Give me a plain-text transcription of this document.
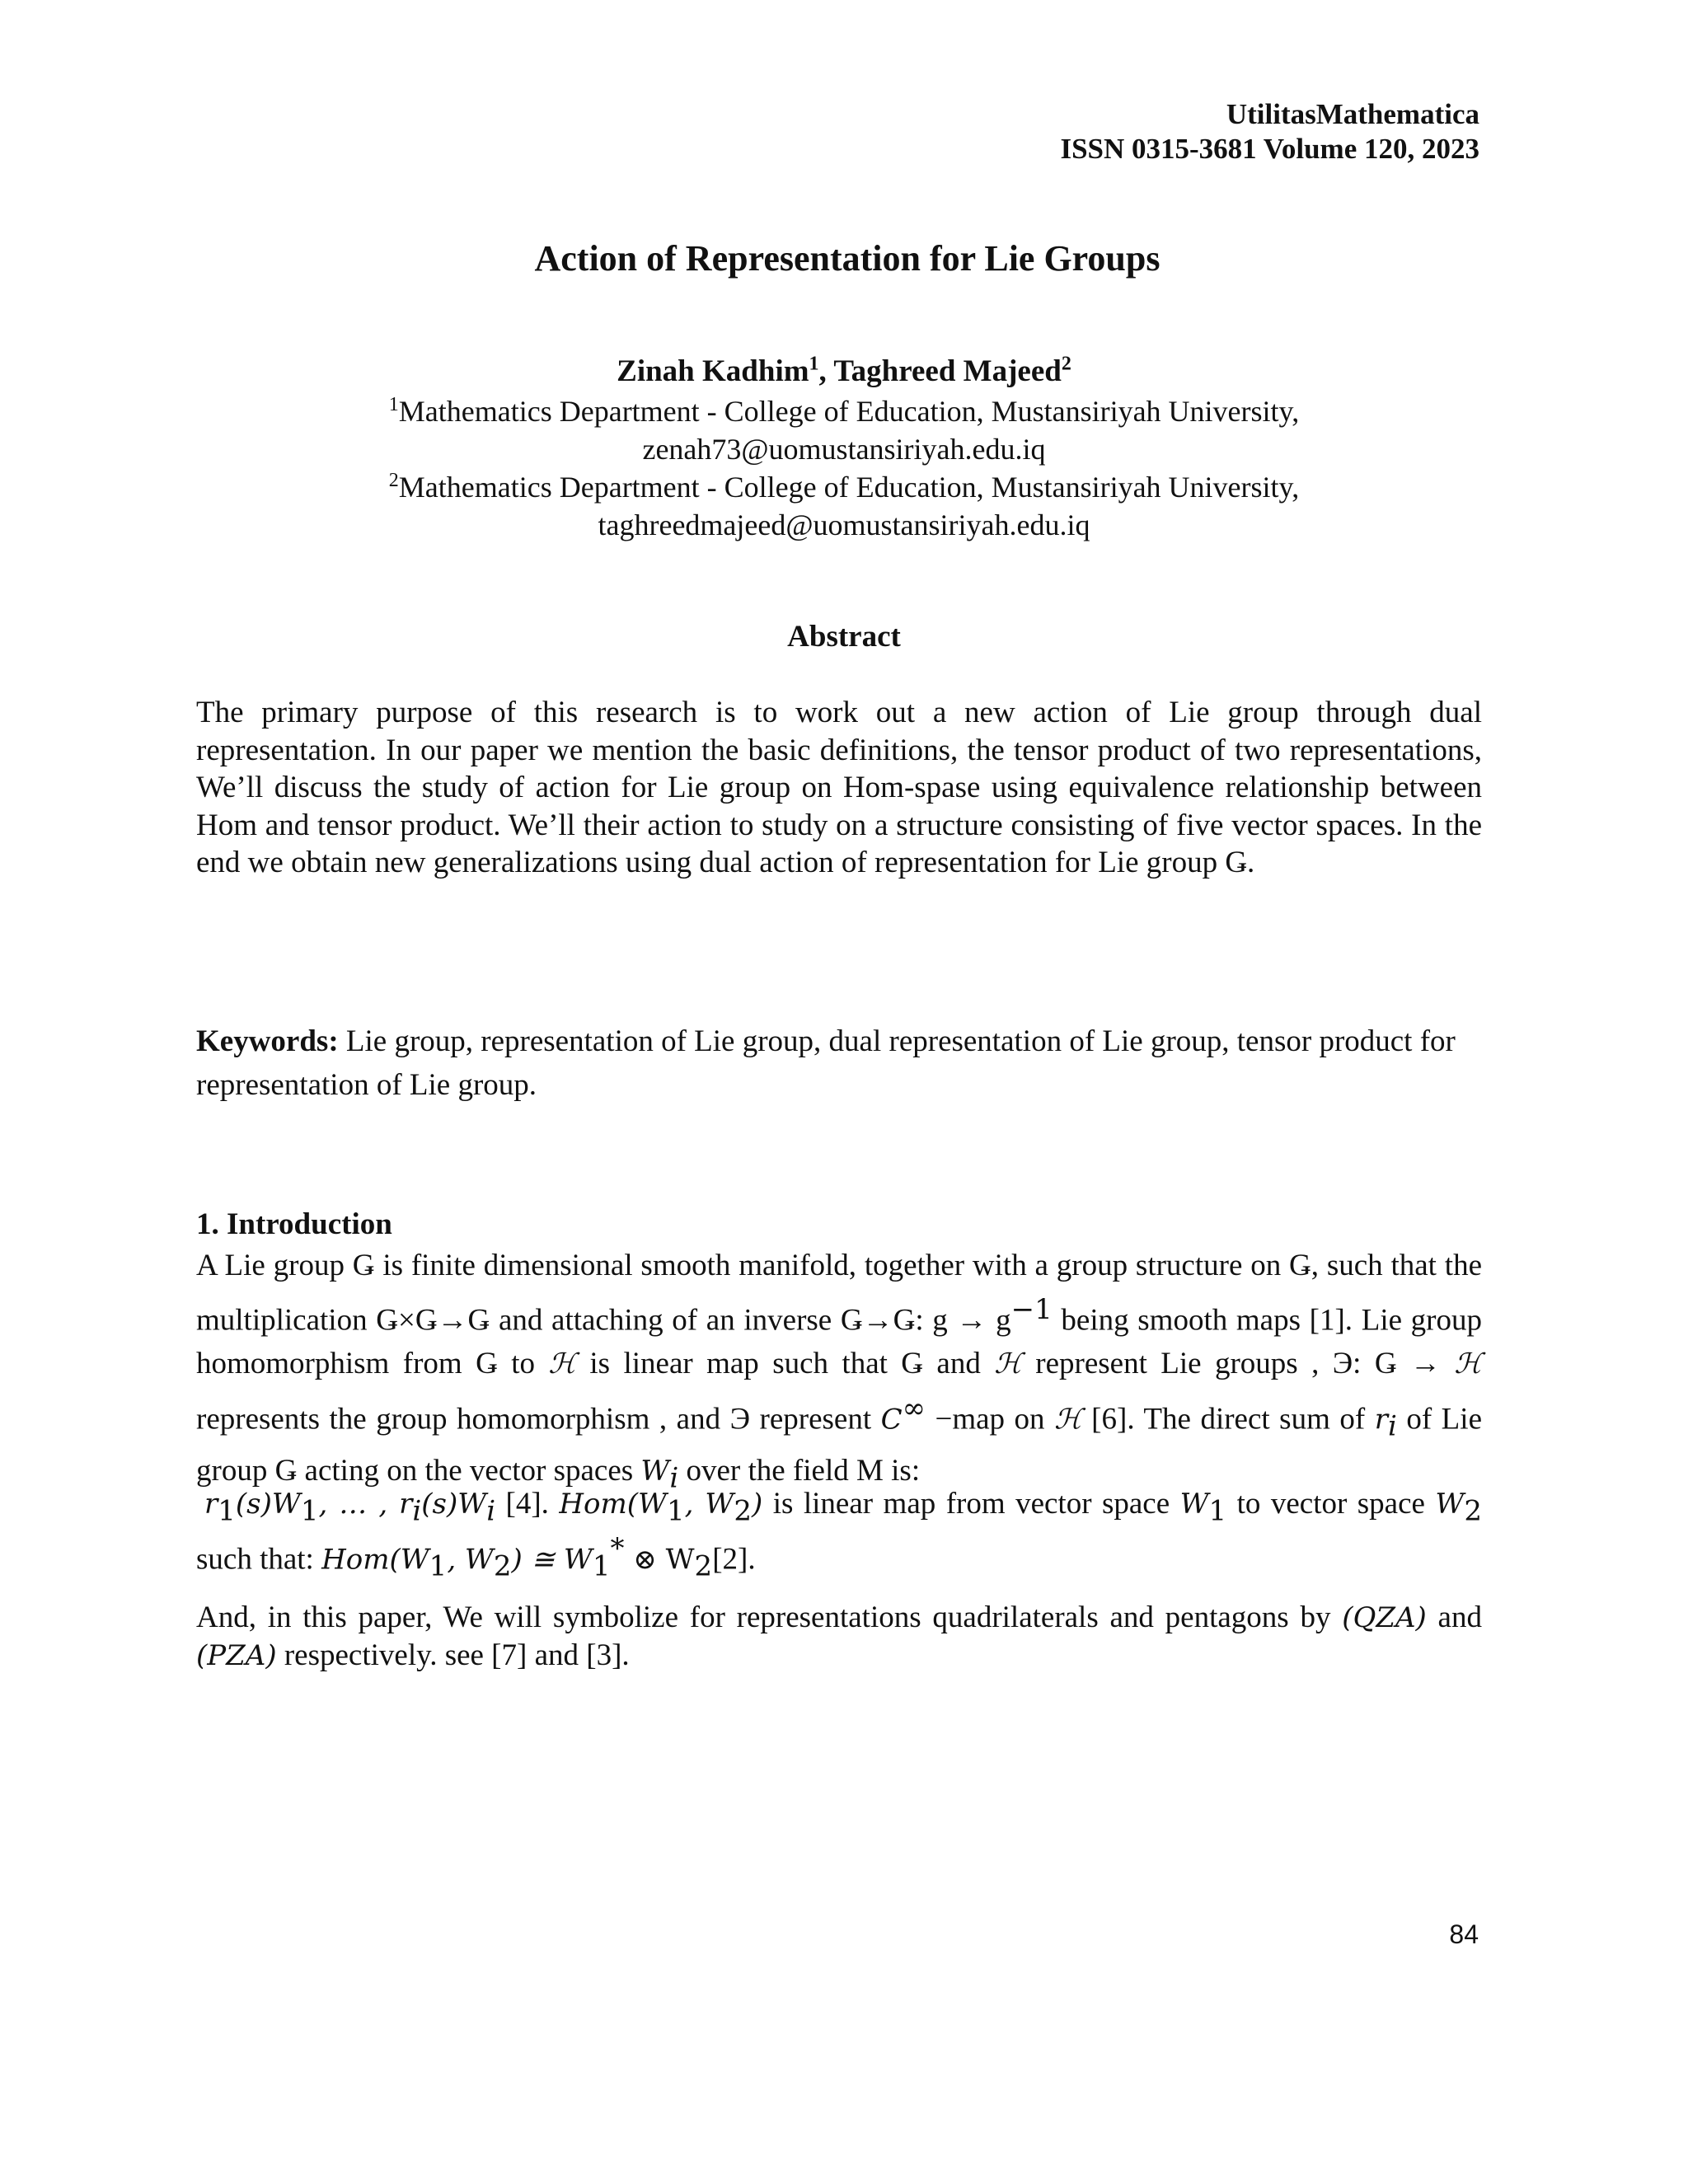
UtilitasMathematica
ISSN 0315-3681 Volume 120, 2023
Action of Representation for Lie Groups
Zinah Kadhim$^1$, Taghreed Majeed$^2$
$^1$Mathematics Department - College of Education, Mustansiriyah University,
zenah73@uomustansiriyah.edu.iq
$^2$Mathematics Department - College of Education, Mustansiriyah University,
taghreedmajeed@uomustansiriyah.edu.iq
Abstract
The primary purpose of this research is to work out a new action of Lie group through dual representation. In our paper we mention the basic definitions, the tensor product of two representations, We’ll discuss the study of action for Lie group on Hom-spase using equivalence relationship between Hom and tensor product. We’ll their action to study on a structure consisting of five vector spaces. In the end we obtain new generalizations using dual action of representation for Lie group Ǥ.
Keywords: Lie group, representation of Lie group, dual representation of Lie group, tensor product for representation of Lie group.
1. Introduction
A Lie group Ǥ is finite dimensional smooth manifold, together with a group structure on Ǥ, such that the multiplication Ǥ×Ǥ→Ǥ and attaching of an inverse Ǥ→Ǥ: $g \to g^{-1}$ being smooth maps [1]. Lie group homomorphism from Ǥ to ℋ is linear map such that Ǥ and ℋ represent Lie groups , Э: Ǥ → ℋ represents the group homomorphism , and Э represent C∞ −map on ℋ [6]. The direct sum of $r_i$ of Lie group Ǥ acting on the vector spaces $W_i$ over the field M is:
$r_1(s)W_1$, … , $r_i(s)W_i$ [4]. $Hom(W_1$, $W_2$) is linear map from vector space $W_1$ to vector space $W_2$ such that: $Hom(W_1$, $W_2$) ≅ $W_1^*$ ⊗ $W_2[2]$.
And, in this paper, We will symbolize for representations quadrilaterals and pentagons by (QZA) and (PZA) respectively. see [7] and [3].
84
